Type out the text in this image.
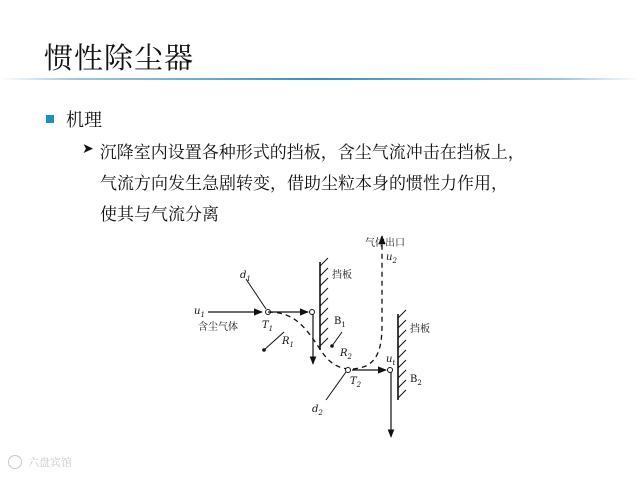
惯性除尘器
机理
➤ 沉降室内设置各种形式的挡板，含尘气流冲击在挡板上，
气流方向发生急剧转变，借助尘粒本身的惯性力作用，
使其与气流分离
气体出口
$u_2$
$d_1$	挡板
$u_1$
含尘气体 $T_1$
$B_1$
$R_1$
$R_2$
$T_2$
挡板
$u_t$
$B_2$
$d_2$
六盘宾馆
